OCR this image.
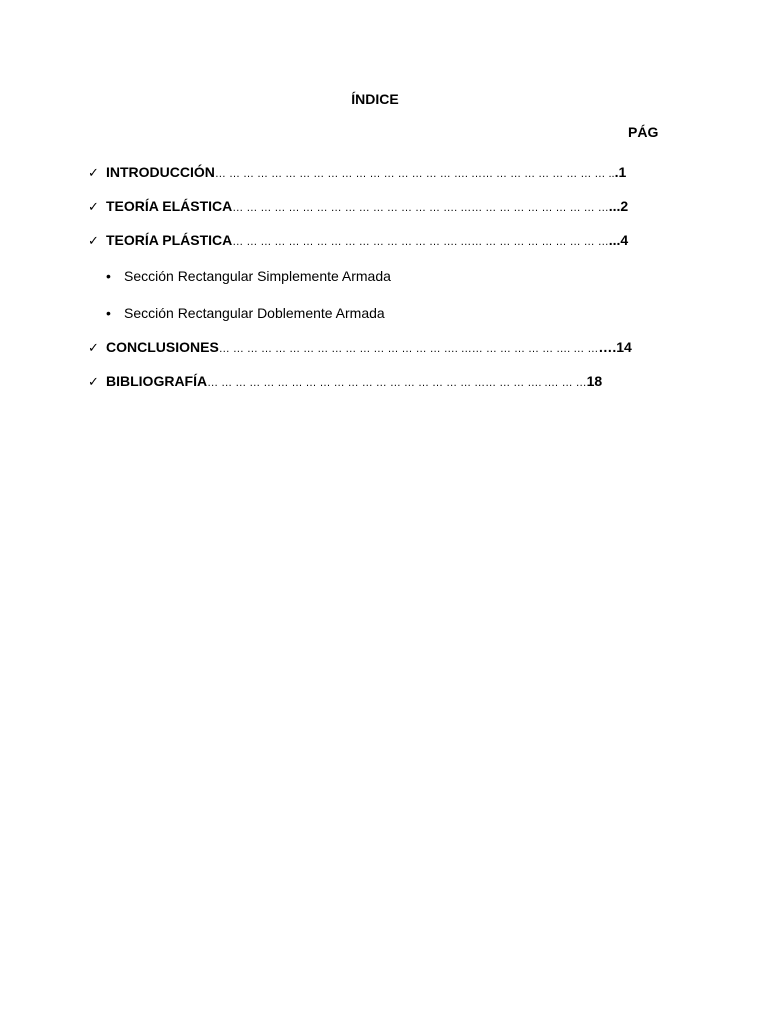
ÍNDICE
PÁG
✓ INTRODUCCIÓN… … … … … … … … … … … … … … … … … …. …… … … … … … … … … ...1
✓ TEORÍA ELÁSTICA… … … … … … … … … … … … … … … …. …… … … … … … … … … …...2
✓ TEORÍA PLÁSTICA… … … … … … … … … … … … … … … …. …… … … … … … … … … …...4
• Sección Rectangular Simplemente Armada
• Sección Rectangular Doblemente Armada
✓ CONCLUSIONES… … … … … … … … … … … … … … … … …. …… … … … … … …. … …….14
✓ BIBLIOGRAFÍA… … … … … … … … … … … … … … … … … … … …… … … …. .… … …18
